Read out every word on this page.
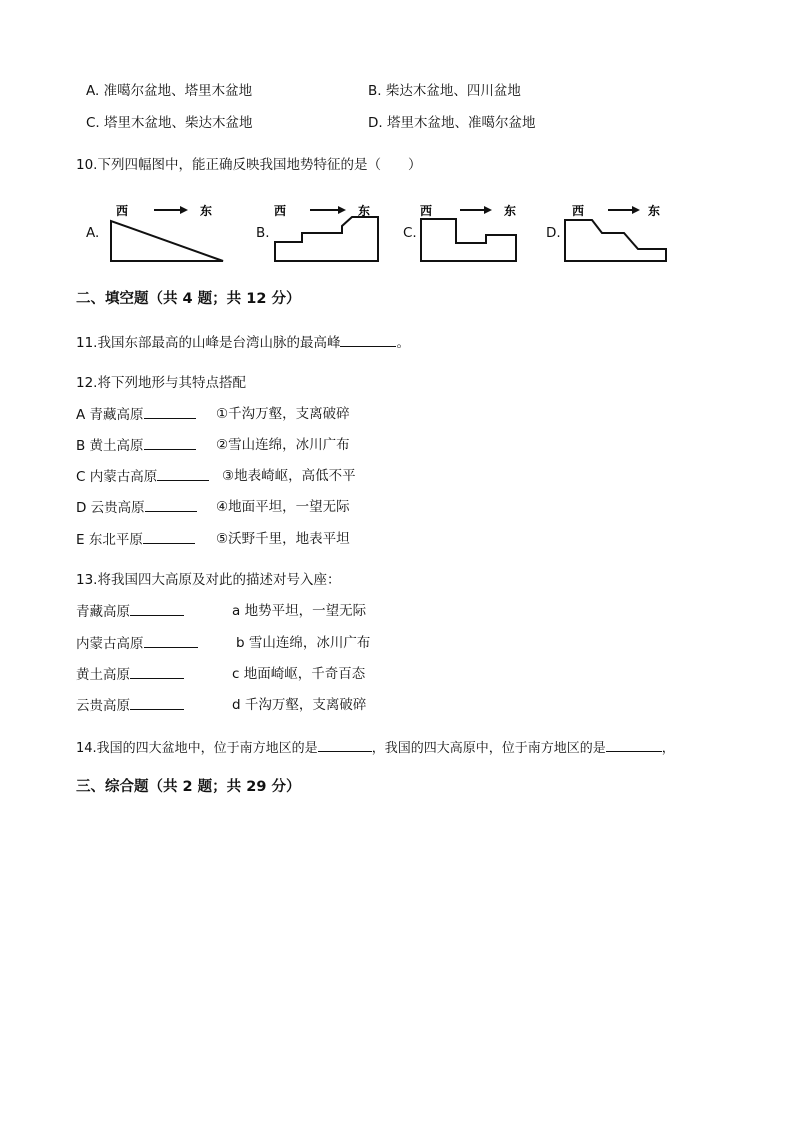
A. 准噶尔盆地、塔里木盆地	B. 柴达木盆地、四川盆地
C. 塔里木盆地、柴达木盆地	D. 塔里木盆地、准噶尔盆地
10.下列四幅图中，能正确反映我国地势特征的是（　　）
A.
西	东
B.
西	东
C.
西	东
D.
西	东
二、填空题（共 4 题；共 12 分）
11.我国东部最高的山峰是台湾山脉的最高峰	。
12.将下列地形与其特点搭配
A 青藏高原	①千沟万壑，支离破碎
B 黄土高原	②雪山连绵，冰川广布
C 内蒙古高原	③地表崎岖，高低不平
D 云贵高原	④地面平坦，一望无际
E 东北平原	⑤沃野千里，地表平坦
13.将我国四大高原及对此的描述对号入座：
青藏高原	a 地势平坦，一望无际
内蒙古高原	b 雪山连绵，冰川广布
黄土高原	c 地面崎岖，千奇百态
云贵高原	d 千沟万壑，支离破碎
14.我国的四大盆地中，位于南方地区的是	，我国的四大高原中，位于南方地区的是	，
三、综合题（共 2 题；共 29 分）
